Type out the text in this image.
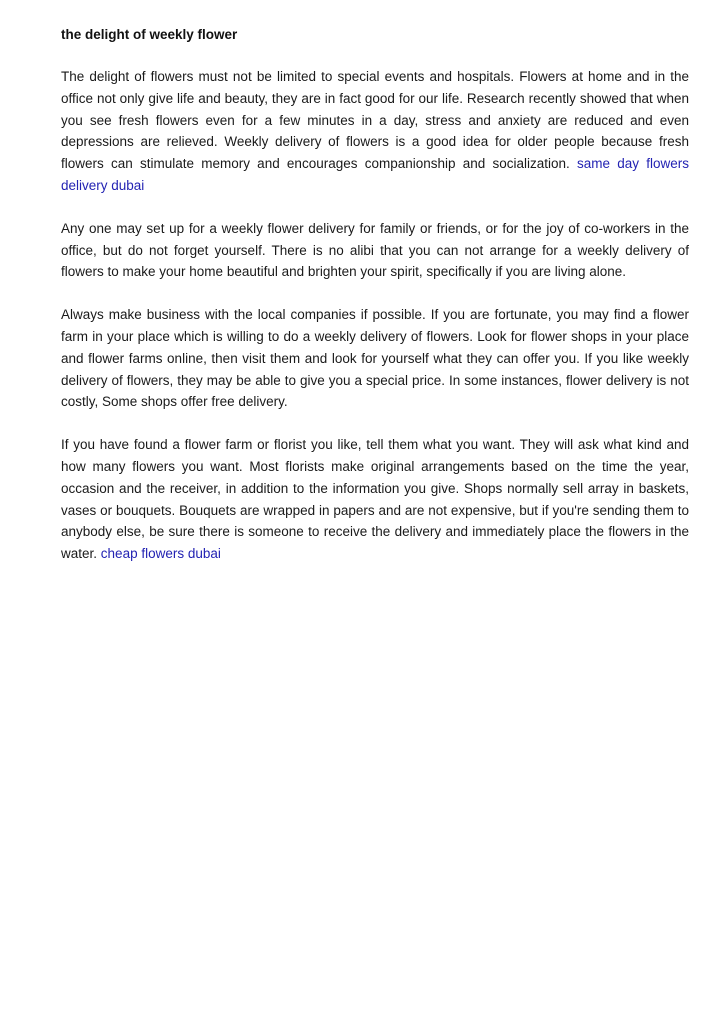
the delight of weekly flower

The delight of flowers must not be limited to special events and hospitals. Flowers at home and in the office not only give life and beauty, they are in fact good for our life. Research recently showed that when you see fresh flowers even for a few minutes in a day, stress and anxiety are reduced and even depressions are relieved. Weekly delivery of flowers is a good idea for older people because fresh flowers can stimulate memory and encourages companionship and socialization. same day flowers delivery dubai

Any one may set up for a weekly flower delivery for family or friends, or for the joy of co-workers in the office, but do not forget yourself. There is no alibi that you can not arrange for a weekly delivery of flowers to make your home beautiful and brighten your spirit, specifically if you are living alone.

Always make business with the local companies if possible. If you are fortunate, you may find a flower farm in your place which is willing to do a weekly delivery of flowers. Look for flower shops in your place and flower farms online, then visit them and look for yourself what they can offer you. If you like weekly delivery of flowers, they may be able to give you a special price. In some instances, flower delivery is not costly, Some shops offer free delivery.

If you have found a flower farm or florist you like, tell them what you want. They will ask what kind and how many flowers you want. Most florists make original arrangements based on the time the year, occasion and the receiver, in addition to the information you give. Shops normally sell array in baskets, vases or bouquets. Bouquets are wrapped in papers and are not expensive, but if you're sending them to anybody else, be sure there is someone to receive the delivery and immediately place the flowers in the water. cheap flowers dubai
